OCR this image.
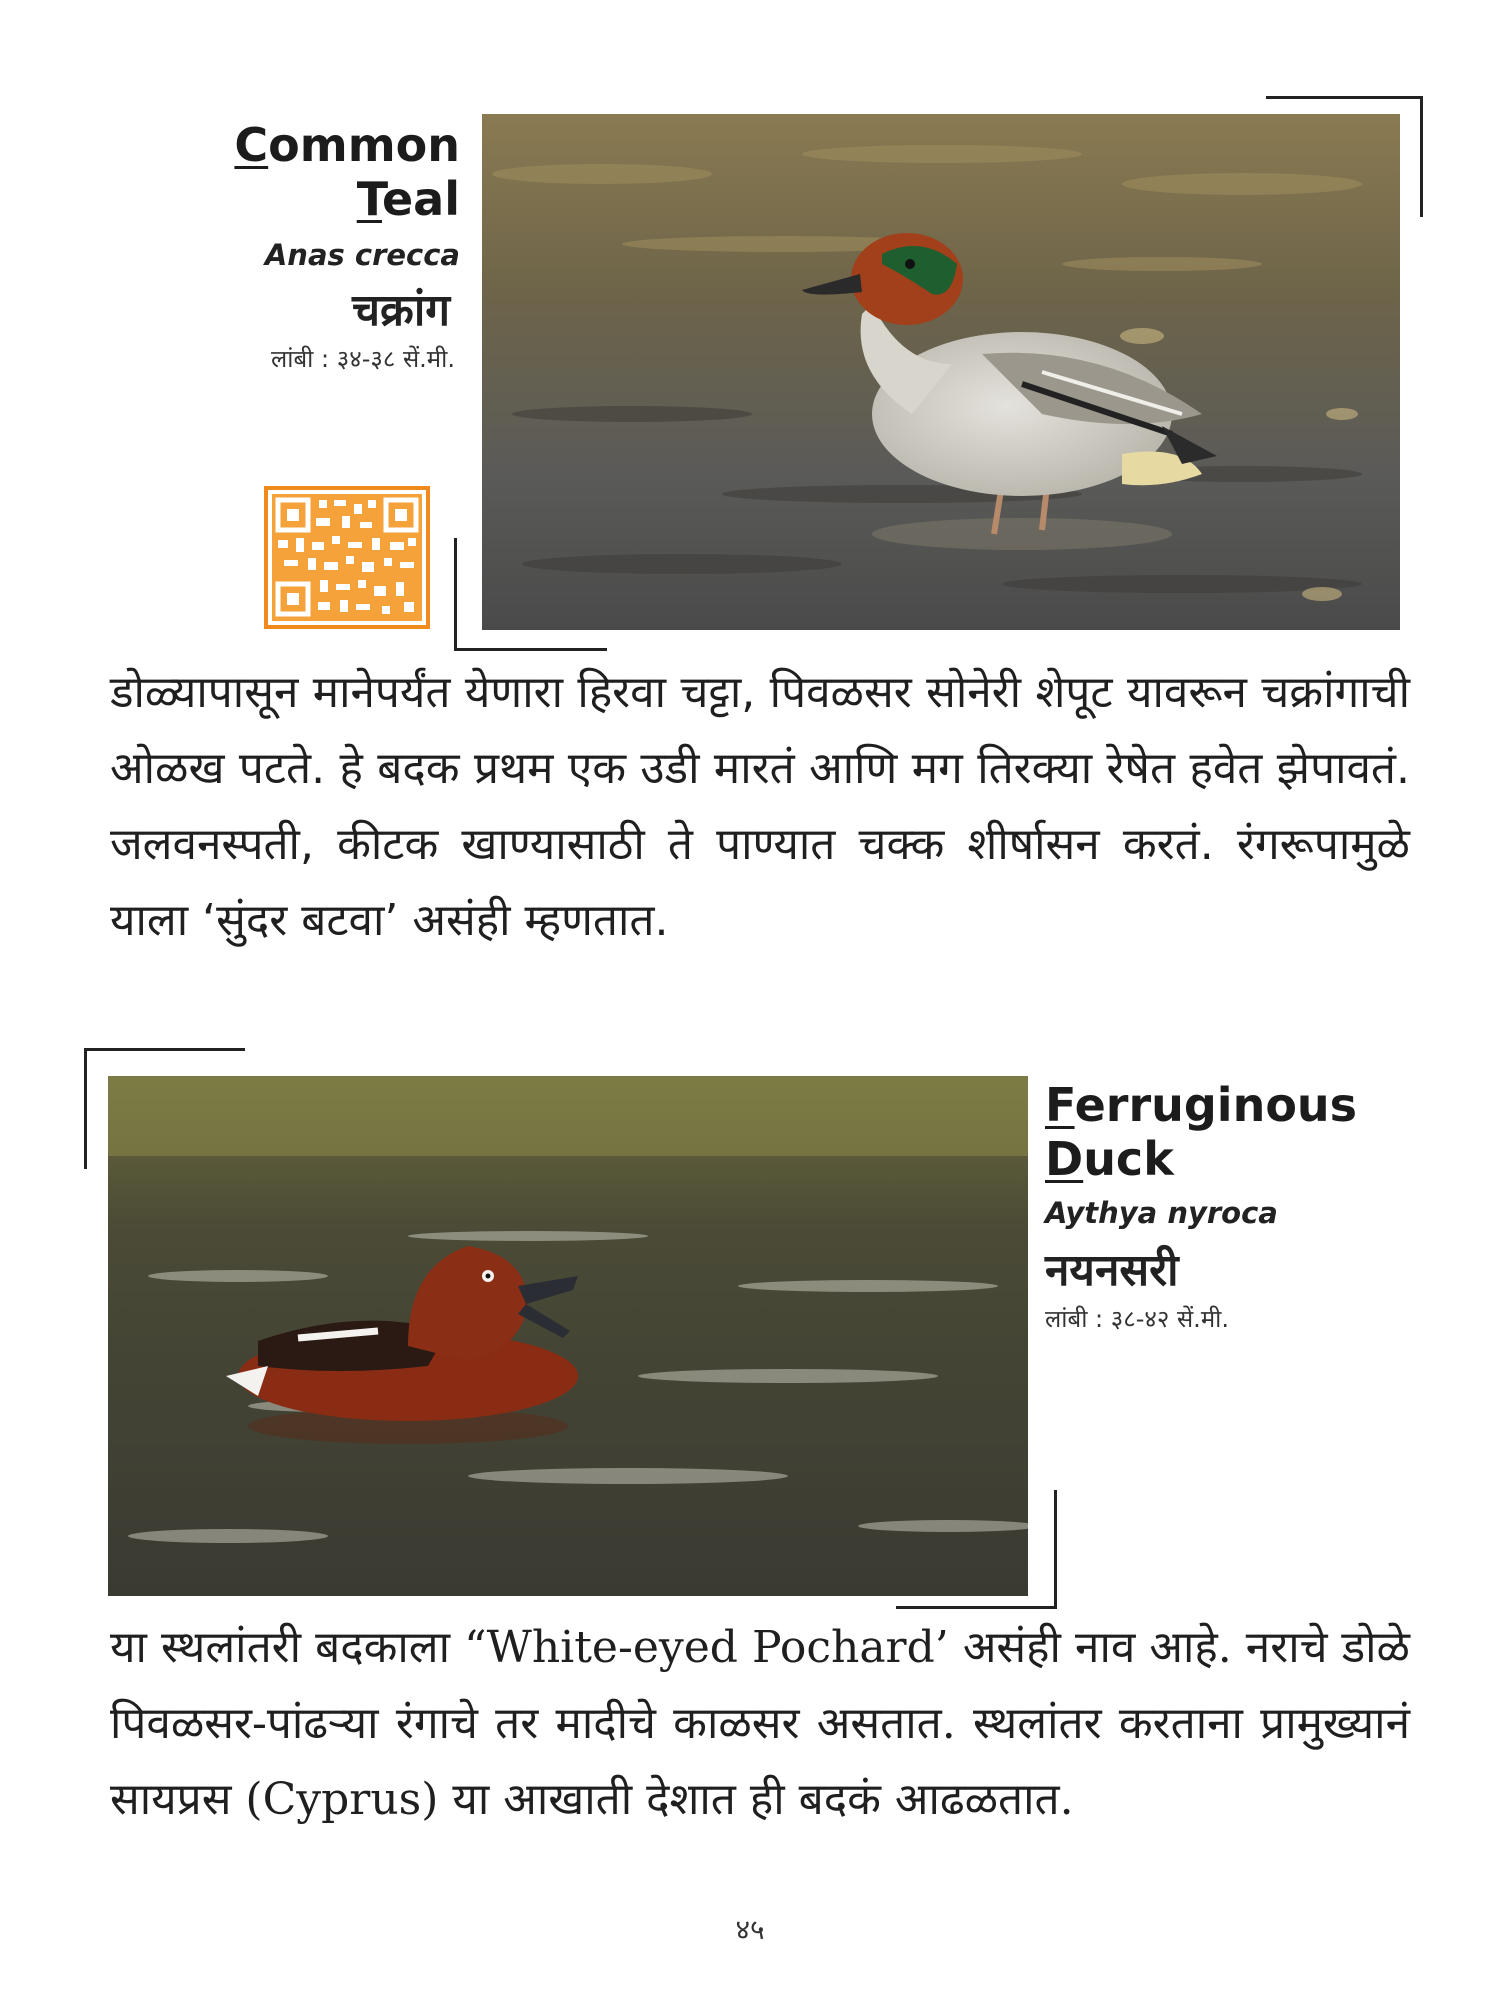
Common
Teal
Anas crecca
चक्रांग
लांबी : ३४-३८ सें.मी.
डोळ्यापासून मानेपर्यंत येणारा हिरवा चट्टा, पिवळसर सोनेरी शेपूट यावरून चक्रांगाची ओळख पटते. हे बदक प्रथम एक उडी मारतं आणि मग तिरक्या रेषेत हवेत झेपावतं. जलवनस्पती, कीटक खाण्यासाठी ते पाण्यात चक्क शीर्षासन करतं. रंगरूपामुळे याला ‘सुंदर बटवा’ असंही म्हणतात.
Ferruginous
Duck
Aythya nyroca
नयनसरी
लांबी : ३८-४२ सें.मी.
या स्थलांतरी बदकाला “White-eyed Pochard’ असंही नाव आहे. नराचे डोळे पिवळसर-पांढऱ्या रंगाचे तर मादीचे काळसर असतात. स्थलांतर करताना प्रामुख्यानं सायप्रस (Cyprus) या आखाती देशात ही बदकं आढळतात.
४५
